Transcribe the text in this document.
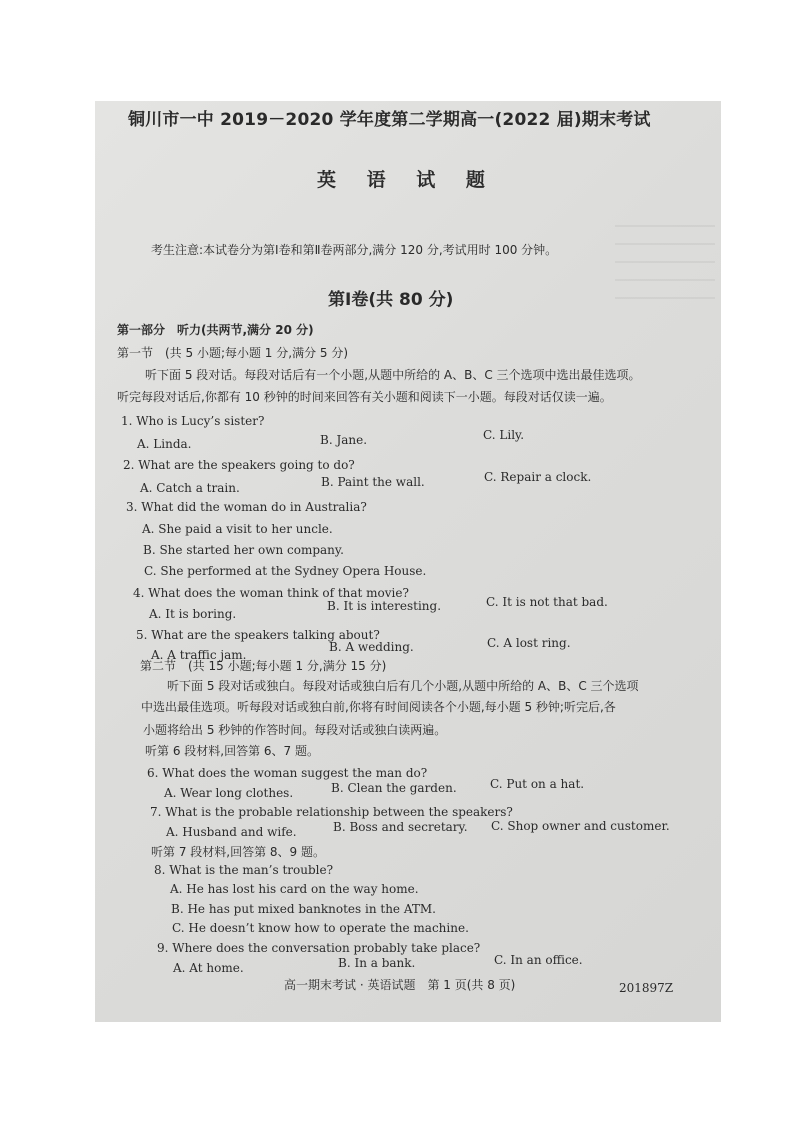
铜川市一中 2019－2020 学年度第二学期高一(2022 届)期末考试
英 语 试 题
考生注意:本试卷分为第Ⅰ卷和第Ⅱ卷两部分,满分 120 分,考试用时 100 分钟。
第Ⅰ卷(共 80 分)
第一部分　听力(共两节,满分 20 分)
第一节　(共 5 小题;每小题 1 分,满分 5 分)
听下面 5 段对话。每段对话后有一个小题,从题中所给的 A、B、C 三个选项中选出最佳选项。
听完每段对话后,你都有 10 秒钟的时间来回答有关小题和阅读下一小题。每段对话仅读一遍。
1. Who is Lucy’s sister?
A. Linda.	B. Jane.	C. Lily.
2. What are the speakers going to do?
A. Catch a train.	B. Paint the wall.	C. Repair a clock.
3. What did the woman do in Australia?
A. She paid a visit to her uncle.
B. She started her own company.
C. She performed at the Sydney Opera House.
4. What does the woman think of that movie?
A. It is boring.
B. It is interesting.	C. It is not that bad.
5. What are the speakers talking about?
A. A traffic jam.
B. A wedding.	C. A lost ring.
第二节　(共 15 小题;每小题 1 分,满分 15 分)
听下面 5 段对话或独白。每段对话或独白后有几个小题,从题中所给的 A、B、C 三个选项
中选出最佳选项。听每段对话或独白前,你将有时间阅读各个小题,每小题 5 秒钟;听完后,各
小题将给出 5 秒钟的作答时间。每段对话或独白读两遍。
听第 6 段材料,回答第 6、7 题。
6. What does the woman suggest the man do?
A. Wear long clothes.	B. Clean the garden.	C. Put on a hat.
7. What is the probable relationship between the speakers?
A. Husband and wife.	B. Boss and secretary. C. Shop owner and customer.
听第 7 段材料,回答第 8、9 题。
8. What is the man’s trouble?
A. He has lost his card on the way home.
B. He has put mixed banknotes in the ATM.
C. He doesn’t know how to operate the machine.
9. Where does the conversation probably take place?
A. At home.	B. In a bank.	C. In an office.
高一期末考试 · 英语试题　第 1 页(共 8 页)	201897Z
